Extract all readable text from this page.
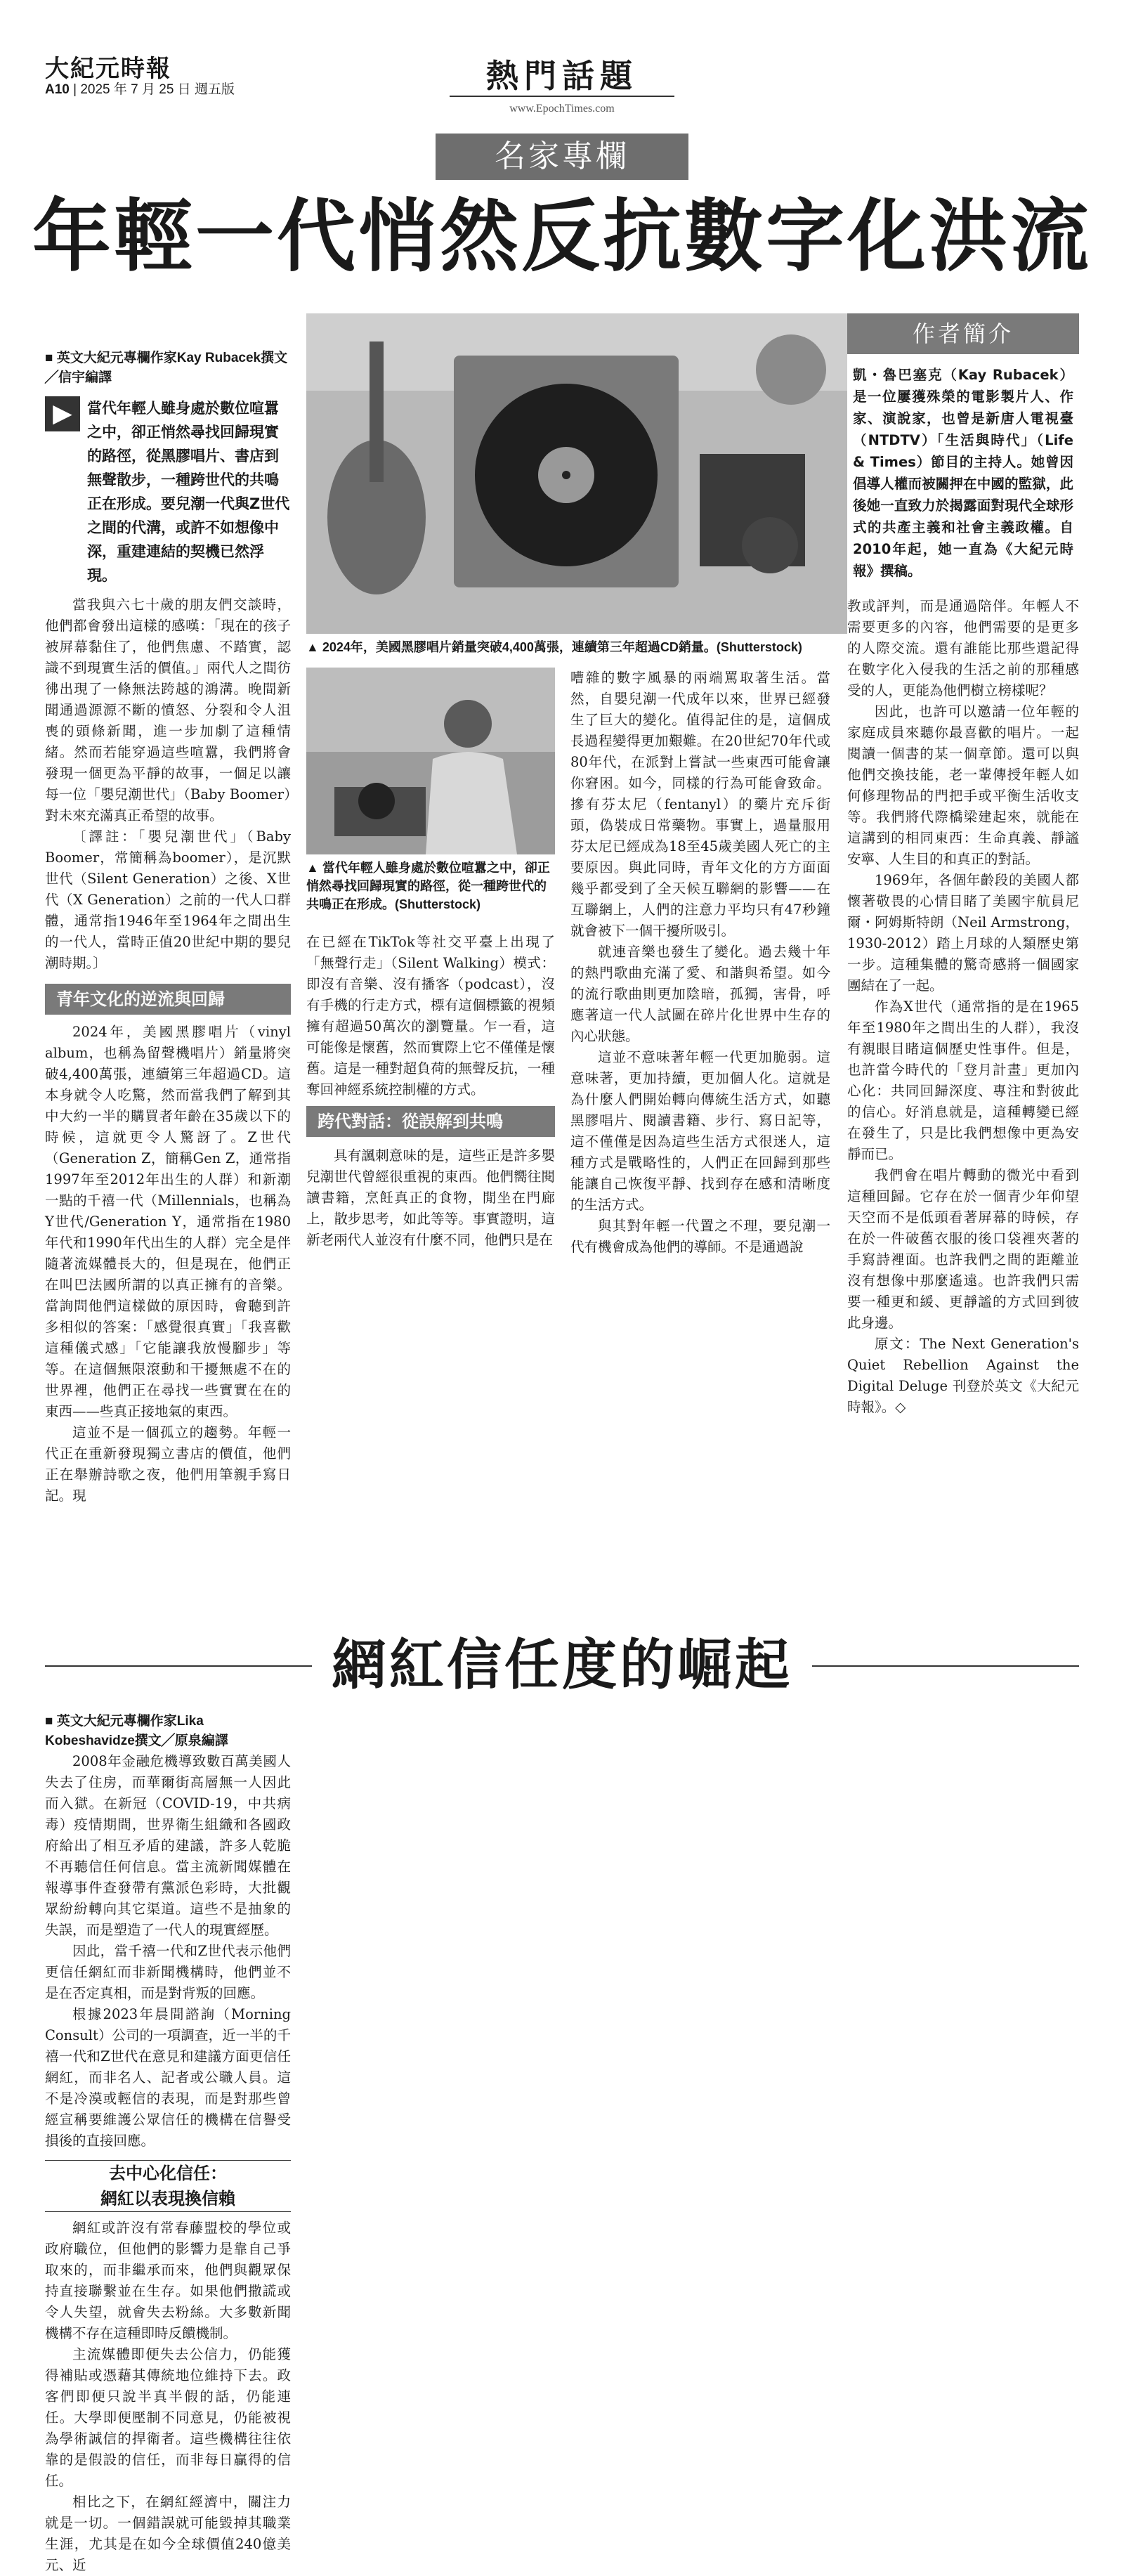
大紀元時報
A10 | 2025 年 7 月 25 日 週五版	熱門話題
www.EpochTimes.com
名家專欄
年輕一代悄然反抗數字化洪流
■ 英文大紀元專欄作家Kay Rubacek撰文╱信宇編譯
▶	當代年輕人雖身處於數位喧囂之中，卻正悄然尋找回歸現實的路徑，從黑膠唱片、書店到無聲散步，一種跨世代的共鳴正在形成。要兒潮一代與Z世代之間的代溝，或許不如想像中深，重建連結的契機已然浮現。

當我與六七十歲的朋友們交談時，他們都會發出這樣的感嘆：「現在的孩子被屏幕黏住了，他們焦慮、不踏實，認識不到現實生活的價值。」兩代人之間彷彿出現了一條無法跨越的鴻溝。晚間新聞通過源源不斷的憤怒、分裂和令人沮喪的頭條新聞，進一步加劇了這種情緒。然而若能穿過這些喧囂，我們將會發現一個更為平靜的故事，一個足以讓每一位「嬰兒潮世代」（Baby Boomer）對未來充滿真正希望的故事。

〔譯註：「嬰兒潮世代」（Baby Boomer，常簡稱為boomer），是沉默世代（Silent Generation）之後、X世代（X Generation）之前的一代人口群體，通常指1946年至1964年之間出生的一代人，當時正值20世紀中期的嬰兒潮時期。〕

青年文化的逆流與回歸

2024年，美國黑膠唱片（vinyl album，也稱為留聲機唱片）銷量將突破4,400萬張，連續第三年超過CD。這本身就令人吃驚，然而當我們了解到其中大約一半的購買者年齡在35歲以下的時候，這就更令人驚訝了。Z世代（Generation Z，簡稱Gen Z，通常指1997年至2012年出生的人群）和新潮一點的千禧一代（Millennials，也稱為Y世代/Generation Y，通常指在1980年代和1990年代出生的人群）完全是伴隨著流媒體長大的，但是現在，他們正在叫巴法國所謂的以真正擁有的音樂。當詢問他們這樣做的原因時，會聽到許多相似的答案：「感覺很真實」「我喜歡這種儀式感」「它能讓我放慢腳步」等等。在這個無限滾動和干擾無處不在的世界裡，他們正在尋找一些實實在在的東西——些真正接地氣的東西。

這並不是一個孤立的趨勢。年輕一代正在重新發現獨立書店的價值，他們正在舉辦詩歌之夜，他們用筆親手寫日記。現

▲ 2024年，美國黑膠唱片銷量突破4,400萬張，連續第三年超過CD銷量。(Shutterstock)
▲ 當代年輕人雖身處於數位喧囂之中，卻正悄然尋找回歸現實的路徑，從一種跨世代的共鳴正在形成。(Shutterstock)

在已經在TikTok等社交平臺上出現了「無聲行走」（Silent Walking）模式：即沒有音樂、沒有播客（podcast），沒有手機的行走方式，標有這個標籤的視頻擁有超過50萬次的瀏覽量。乍一看，這可能像是懷舊，然而實際上它不僅僅是懷舊。這是一種對超負荷的無聲反抗，一種奪回神經系統控制權的方式。

跨代對話：從誤解到共鳴

具有諷刺意味的是，這些正是許多嬰兒潮世代曾經很重視的東西。他們嚮往閱讀書籍，烹飪真正的食物，閒坐在門廊上，散步思考，如此等等。事實證明，這新老兩代人並沒有什麼不同，他們只是在

嘈雜的數字風暴的兩端罵取著生活。當然，自嬰兒潮一代成年以來，世界已經發生了巨大的變化。值得記住的是，這個成長過程變得更加艱難。在20世紀70年代或80年代，在派對上嘗試一些東西可能會讓你窘困。如今，同樣的行為可能會致命。摻有芬太尼（fentanyl）的藥片充斥街頭，偽裝成日常藥物。事實上，過量服用芬太尼已經成為18至45歲美國人死亡的主要原因。與此同時，青年文化的方方面面幾乎都受到了全天候互聯網的影響——在互聯網上，人們的注意力平均只有47秒鐘就會被下一個干擾所吸引。

就連音樂也發生了變化。過去幾十年的熱門歌曲充滿了愛、和諧與希望。如今的流行歌曲則更加陰暗，孤獨，害骨，呼應著這一代人試圖在碎片化世界中生存的內心狀態。

這並不意味著年輕一代更加脆弱。這意味著，更加持續，更加個人化。這就是為什麼人們開始轉向傳統生活方式，如聽黑膠唱片、閱讀書籍、步行、寫日記等，這不僅僅是因為這些生活方式很迷人，這種方式是戰略性的，人們正在回歸到那些能讓自己恢復平靜、找到存在感和清晰度的生活方式。

與其對年輕一代置之不理，要兒潮一代有機會成為他們的導師。不是通過說

作者簡介
凱・魯巴塞克（Kay Rubacek）是一位屢獲殊榮的電影製片人、作家、演說家，也曾是新唐人電視臺（NTDTV）「生活與時代」（Life & Times）節目的主持人。她曾因倡導人權而被關押在中國的監獄，此後她一直致力於揭露面對現代全球形式的共產主義和社會主義政權。自2010年起，她一直為《大紀元時報》撰稿。

教或評判，而是通過陪伴。年輕人不需要更多的內容，他們需要的是更多的人際交流。還有誰能比那些還記得在數字化入侵我的生活之前的那種感受的人，更能為他們樹立榜樣呢？

因此，也許可以邀請一位年輕的家庭成員來聽你最喜歡的唱片。一起閱讀一個書的某一個章節。還可以與他們交換技能，老一輩傳授年輕人如何修理物品的門把手或平衡生活收支等。我們將代際橋梁建起來，就能在這講到的相同東西：生命真義、靜謐安寧、人生目的和真正的對話。

1969年，各個年齡段的美國人都懷著敬畏的心情目睹了美國宇航員尼爾・阿姆斯特朗（Neil Armstrong，1930-2012）踏上月球的人類歷史第一步。這種集體的驚奇感將一個國家團結在了一起。

作為X世代（通常指的是在1965年至1980年之間出生的人群），我沒有親眼目睹這個歷史性事件。但是，也許當今時代的「登月計畫」更加內心化：共同回歸深度、專注和對彼此的信心。好消息就是，這種轉變已經在發生了，只是比我們想像中更為安靜而已。

我們會在唱片轉動的微光中看到這種回歸。它存在於一個青少年仰望天空而不是低頭看著屏幕的時候，存在於一件破舊衣服的後口袋裡夾著的手寫詩裡面。也許我們之間的距離並沒有想像中那麼遙遠。也許我們只需要一種更和緩、更靜謐的方式回到彼此身邊。

原文：The Next Generation's Quiet Rebellion Against the Digital Deluge 刊登於英文《大紀元時報》。◇

網紅信任度的崛起
■ 英文大紀元專欄作家Lika Kobeshavidze撰文╱原泉編譯

2008年金融危機導致數百萬美國人失去了住房，而華爾街高層無一人因此而入獄。在新冠（COVID-19，中共病毒）疫情期間，世界衛生組織和各國政府給出了相互矛盾的建議，許多人乾脆不再聽信任何信息。當主流新聞媒體在報導事件查發帶有黨派色彩時，大批觀眾紛紛轉向其它渠道。這些不是抽象的失誤，而是塑造了一代人的現實經歷。

因此，當千禧一代和Z世代表示他們更信任網紅而非新聞機構時，他們並不是在否定真相，而是對背叛的回應。

根據2023年晨間諮詢（Morning Consult）公司的一項調查，近一半的千禧一代和Z世代在意見和建議方面更信任網紅，而非名人、記者或公職人員。這不是冷漠或輕信的表現，而是對那些曾經宣稱要維護公眾信任的機構在信譽受損後的直接回應。

去中心化信任：
網紅以表現換信賴

網紅或許沒有常春藤盟校的學位或政府職位，但他們的影響力是靠自己爭取來的，而非繼承而來，他們與觀眾保持直接聯繫並在生存。如果他們撒謊或令人失望，就會失去粉絲。大多數新聞機構不存在這種即時反饋機制。

主流媒體即便失去公信力，仍能獲得補貼或憑藉其傳統地位維持下去。政客們即便只說半真半假的話，仍能連任。大學即便壓制不同意見，仍能被視為學術誠信的捍衛者。這些機構往往依靠的是假設的信任，而非每日贏得的信任。

相比之下，在網紅經濟中，關注力就是一切。一個錯誤就可能毀掉其職業生涯，尤其是在如今全球價值240億美元、近
